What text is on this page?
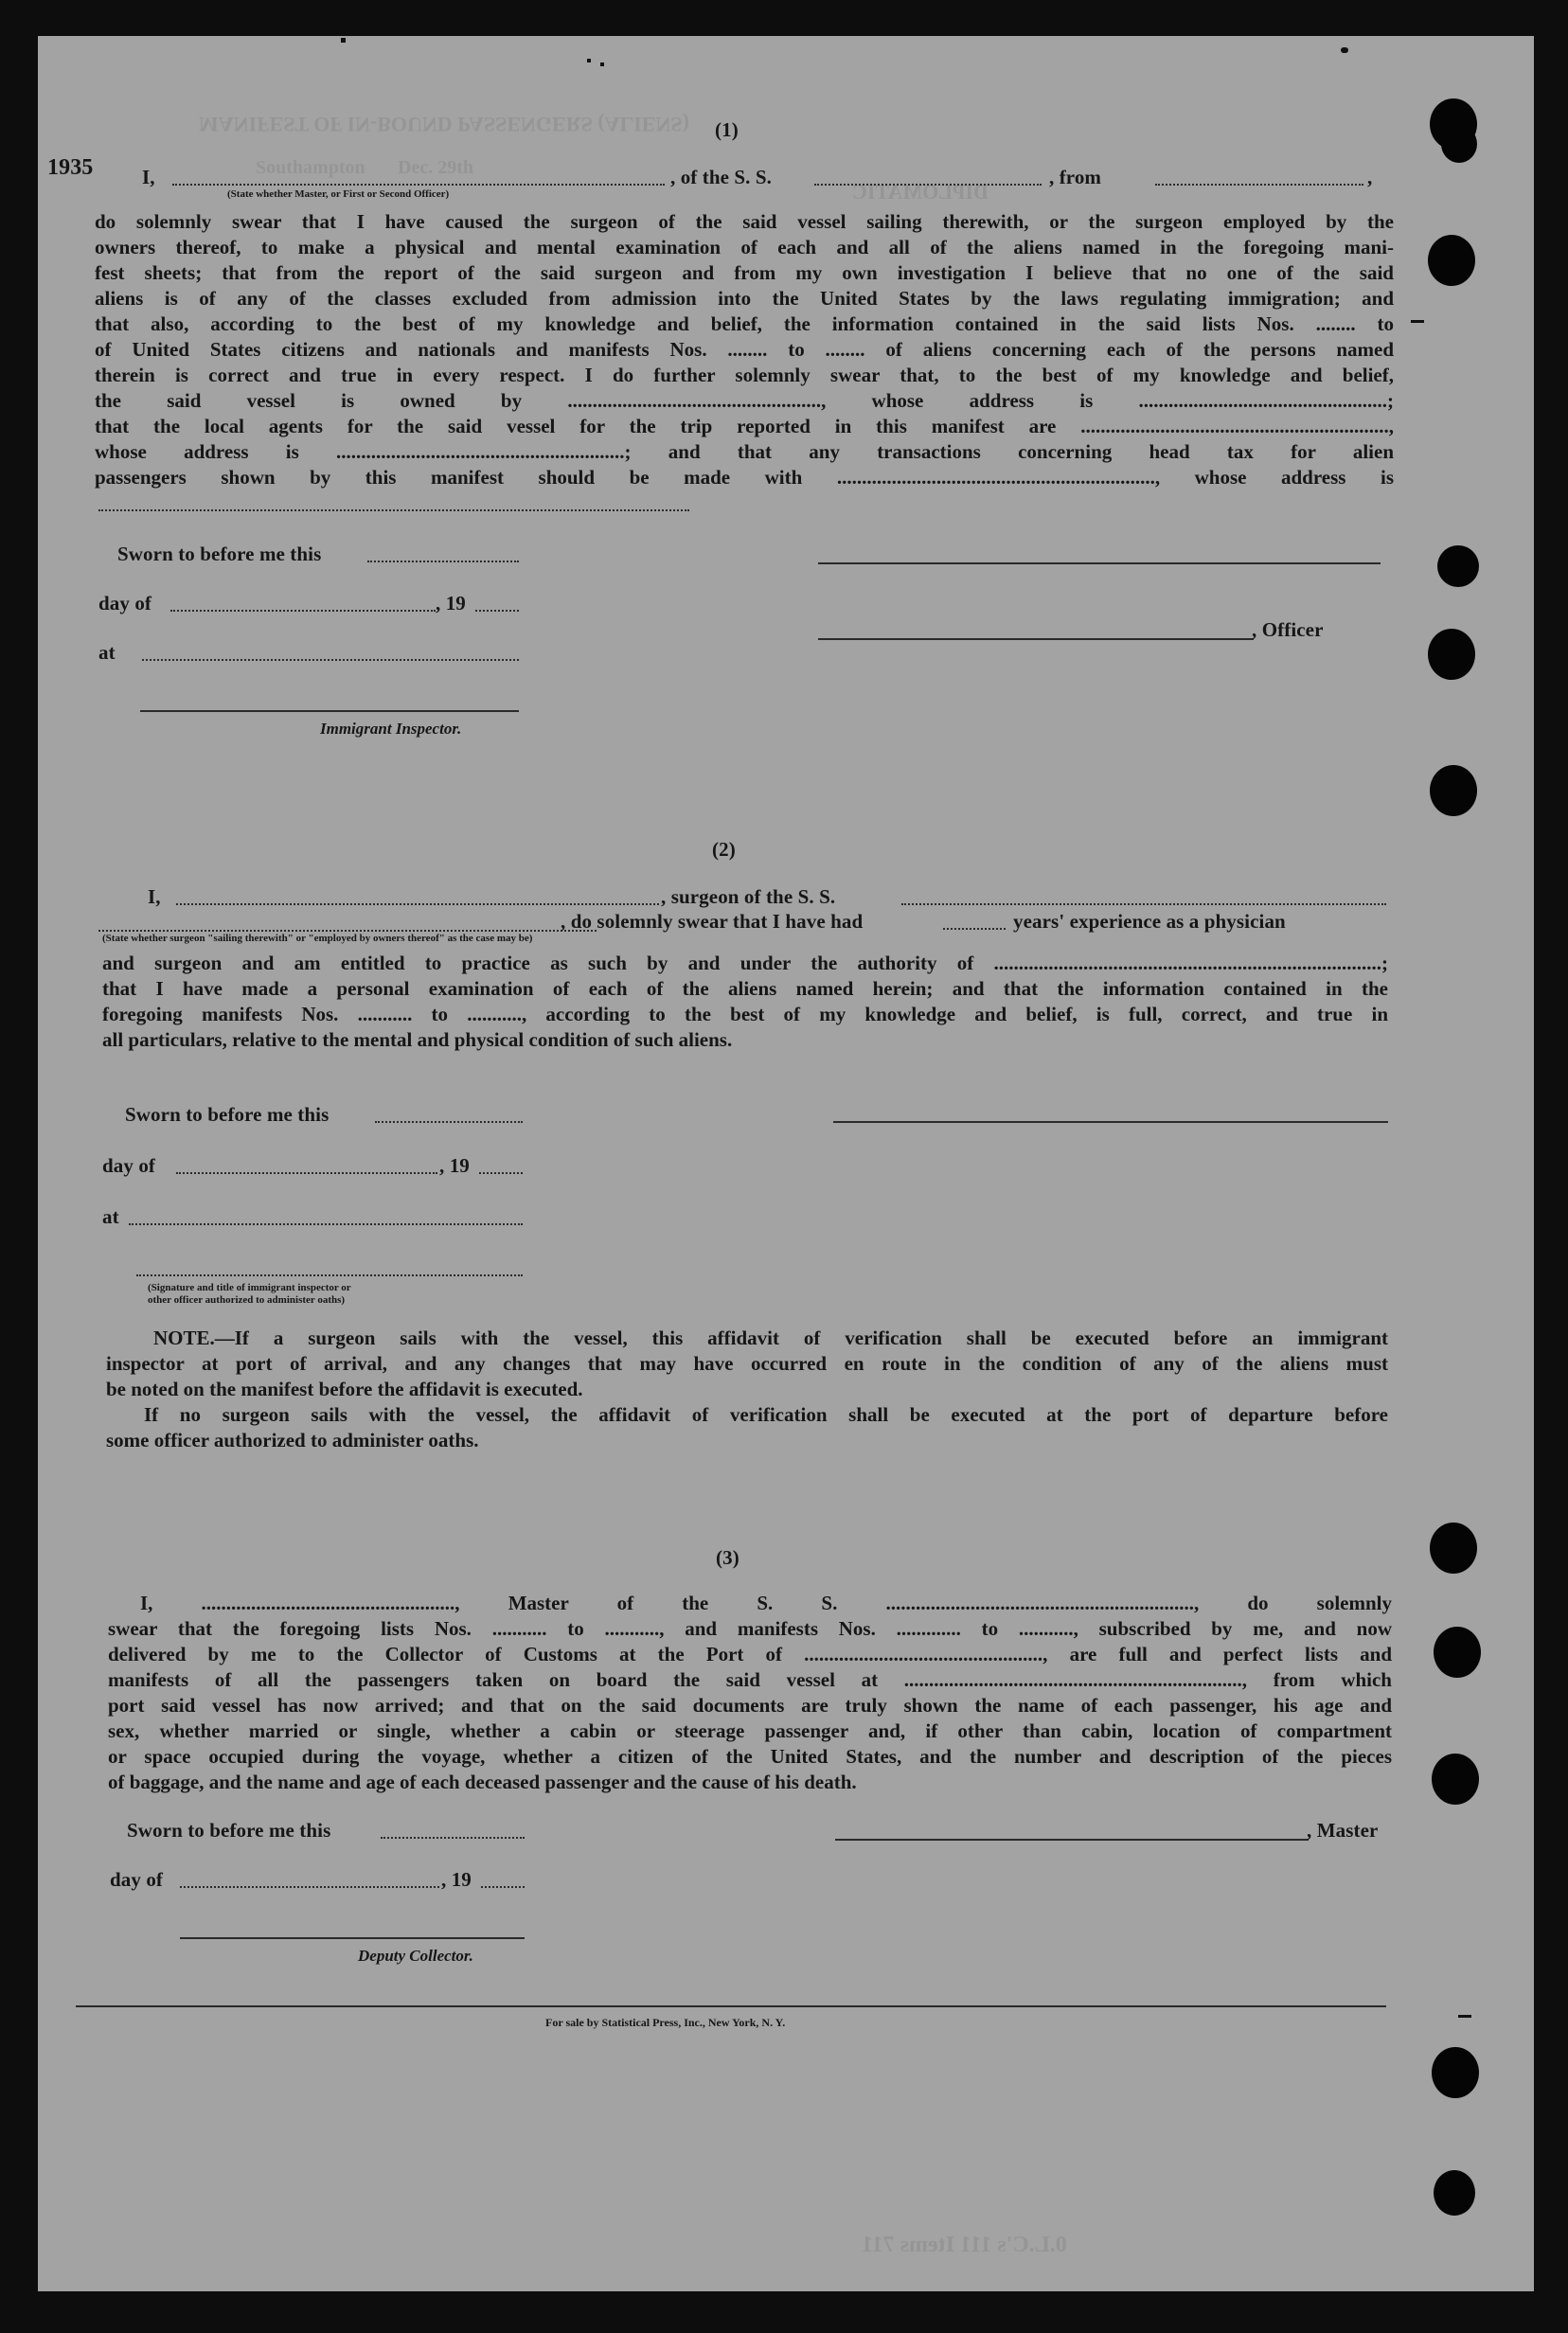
MANIFEST OF IN-BOUND PASSENGERS (ALIENS)
Dec. 29th
Southampton
DIPLOMATIC
1935
(1)
I,	, of the S. S.	, from	,
(State whether Master, or First or Second Officer)
do solemnly swear that I have caused the surgeon of the said vessel sailing therewith, or the surgeon employed by the
owners thereof, to make a physical and mental examination of each and all of the aliens named in the foregoing mani-
fest sheets; that from the report of the said surgeon and from my own investigation I believe that no one of the said
aliens is of any of the classes excluded from admission into the United States by the laws regulating immigration; and
that also, according to the best of my knowledge and belief, the information contained in the said lists Nos. ........ to
of United States citizens and nationals and manifests Nos. ........ to ........ of aliens concerning each of the persons named
therein is correct and true in every respect. I do further solemnly swear that, to the best of my knowledge and belief,
the said vessel is owned by ..................................................., whose address is ..................................................;
that the local agents for the said vessel for the trip reported in this manifest are ..............................................................,
whose address is ..........................................................; and that any transactions concerning head tax for alien
passengers shown by this manifest should be made with ................................................................, whose address is
Sworn to before me this
day of	, 19
at
, Officer
Immigrant Inspector.
(2)
I,	, surgeon of the S. S.
, do solemnly swear that I have had	years' experience as a physician
(State whether surgeon "sailing therewith" or "employed by owners thereof" as the case may be)
and surgeon and am entitled to practice as such by and under the authority of ..............................................................................;
that I have made a personal examination of each of the aliens named herein; and that the information contained in the
foregoing manifests Nos. ........... to ..........., according to the best of my knowledge and belief, is full, correct, and true in
all particulars, relative to the mental and physical condition of such aliens.
Sworn to before me this
day of	, 19
at
(Signature and title of immigrant inspector or
other officer authorized to administer oaths)
NOTE.—If a surgeon sails with the vessel, this affidavit of verification shall be executed before an immigrant
inspector at port of arrival, and any changes that may have occurred en route in the condition of any of the aliens must
be noted on the manifest before the affidavit is executed.
If no surgeon sails with the vessel, the affidavit of verification shall be executed at the port of departure before
some officer authorized to administer oaths.
(3)
I, ..................................................., Master of the S. S. .............................................................., do solemnly
swear that the foregoing lists Nos. ........... to ..........., and manifests Nos. ............. to ..........., subscribed by me, and now
delivered by me to the Collector of Customs at the Port of ................................................, are full and perfect lists and
manifests of all the passengers taken on board the said vessel at ...................................................................., from which
port said vessel has now arrived; and that on the said documents are truly shown the name of each passenger, his age and
sex, whether married or single, whether a cabin or steerage passenger and, if other than cabin, location of compartment
or space occupied during the voyage, whether a citizen of the United States, and the number and description of the pieces
of baggage, and the name and age of each deceased passenger and the cause of his death.
Sworn to before me this	, Master
day of	, 19
Deputy Collector.
For sale by Statistical Press, Inc., New York, N. Y.
0.L.C's 111 Items 711
